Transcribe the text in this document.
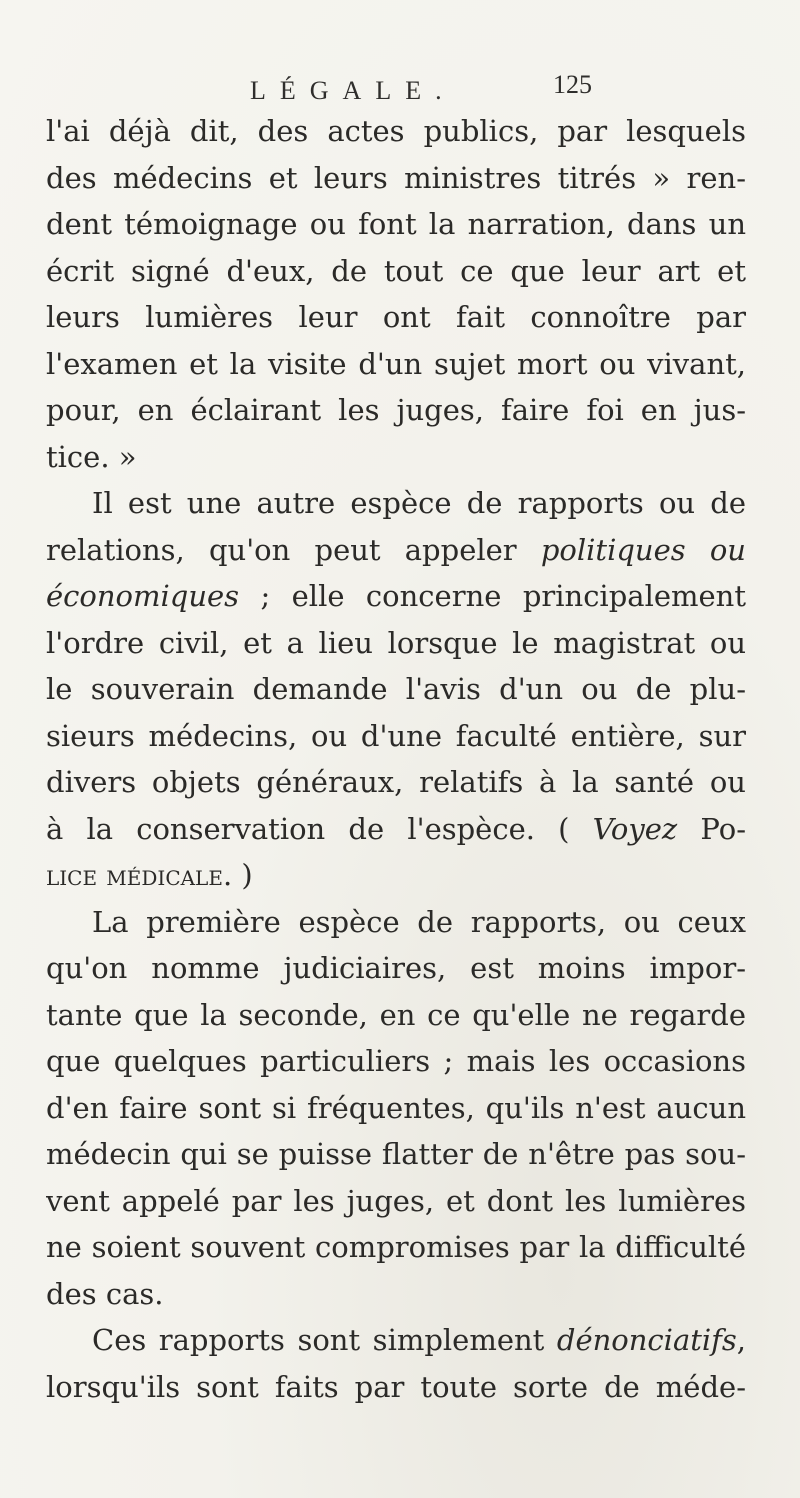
LÉGALE.	125
l'ai déjà dit, des actes publics, par lesquels
des médecins et leurs ministres titrés » ren-
dent témoignage ou font la narration, dans un
écrit signé d'eux, de tout ce que leur art et
leurs lumières leur ont fait connoître par
l'examen et la visite d'un sujet mort ou vivant,
pour, en éclairant les juges, faire foi en jus-
tice. »
Il est une autre espèce de rapports ou de
relations, qu'on peut appeler politiques ou
économiques ; elle concerne principalement
l'ordre civil, et a lieu lorsque le magistrat ou
le souverain demande l'avis d'un ou de plu-
sieurs médecins, ou d'une faculté entière, sur
divers objets généraux, relatifs à la santé ou
à la conservation de l'espèce. ( Voyez Po-
lice médicale. )
La première espèce de rapports, ou ceux
qu'on nomme judiciaires, est moins impor-
tante que la seconde, en ce qu'elle ne regarde
que quelques particuliers ; mais les occasions
d'en faire sont si fréquentes, qu'ils n'est aucun
médecin qui se puisse flatter de n'être pas sou-
vent appelé par les juges, et dont les lumières
ne soient souvent compromises par la difficulté
des cas.
Ces rapports sont simplement dénonciatifs,
lorsqu'ils sont faits par toute sorte de méde-
